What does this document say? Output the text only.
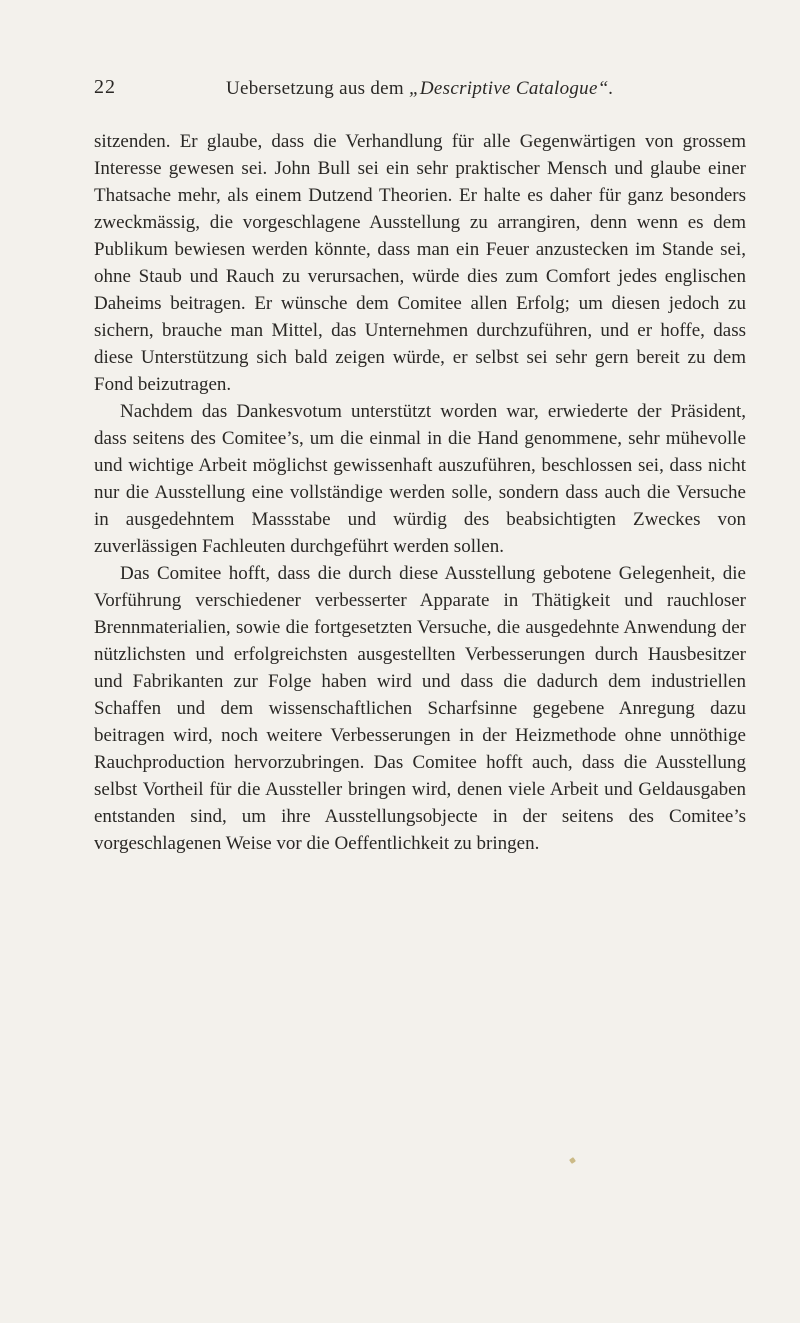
22	Uebersetzung aus dem „Descriptive Catalogue“.

sitzenden. Er glaube, dass die Verhandlung für alle Gegenwärtigen von grossem Interesse gewesen sei. John Bull sei ein sehr praktischer Mensch und glaube einer Thatsache mehr, als einem Dutzend Theorien. Er halte es daher für ganz besonders zweckmässig, die vorgeschlagene Ausstellung zu arrangiren, denn wenn es dem Publikum bewiesen werden könnte, dass man ein Feuer anzustecken im Stande sei, ohne Staub und Rauch zu verursachen, würde dies zum Comfort jedes englischen Daheims beitragen. Er wünsche dem Comitee allen Erfolg; um diesen jedoch zu sichern, brauche man Mittel, das Unternehmen durchzuführen, und er hoffe, dass diese Unterstützung sich bald zeigen würde, er selbst sei sehr gern bereit zu dem Fond beizutragen.

Nachdem das Dankesvotum unterstützt worden war, erwiederte der Präsident, dass seitens des Comitee’s, um die einmal in die Hand genommene, sehr mühevolle und wichtige Arbeit möglichst gewissenhaft auszuführen, beschlossen sei, dass nicht nur die Ausstellung eine vollständige werden solle, sondern dass auch die Versuche in ausgedehntem Massstabe und würdig des beabsichtigten Zweckes von zuverlässigen Fachleuten durchgeführt werden sollen.

Das Comitee hofft, dass die durch diese Ausstellung gebotene Gelegenheit, die Vorführung verschiedener verbesserter Apparate in Thätigkeit und rauchloser Brennmaterialien, sowie die fortgesetzten Versuche, die ausgedehnte Anwendung der nützlichsten und erfolgreichsten ausgestellten Verbesserungen durch Hausbesitzer und Fabrikanten zur Folge haben wird und dass die dadurch dem industriellen Schaffen und dem wissenschaftlichen Scharfsinne gegebene Anregung dazu beitragen wird, noch weitere Verbesserungen in der Heizmethode ohne unnöthige Rauchproduction hervorzubringen. Das Comitee hofft auch, dass die Ausstellung selbst Vortheil für die Aussteller bringen wird, denen viele Arbeit und Geldausgaben entstanden sind, um ihre Ausstellungsobjecte in der seitens des Comitee’s vorgeschlagenen Weise vor die Oeffentlichkeit zu bringen.
